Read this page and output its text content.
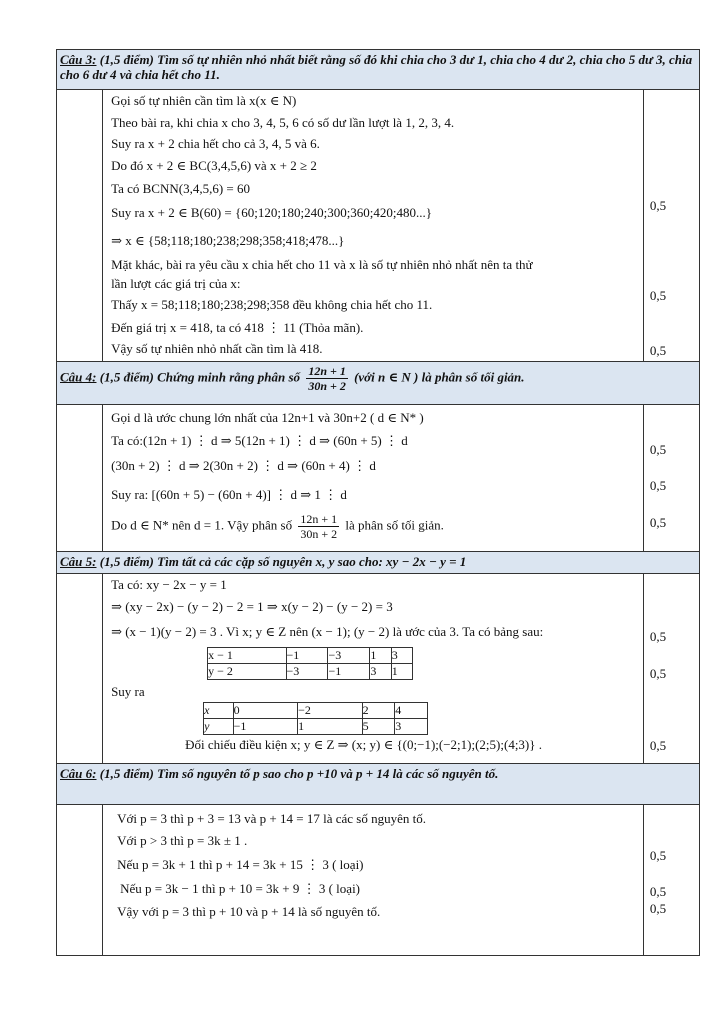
Câu 3: (1,5 điểm) Tìm số tự nhiên nhỏ nhất biết rằng số đó khi chia cho 3 dư 1, chia cho 4 dư 2, chia cho 5 dư 3, chia cho 6 dư 4 và chia hết cho 11.

Gọi số tự nhiên cần tìm là x(x ∈ N)
Theo bài ra, khi chia x cho 3, 4, 5, 6 có số dư lần lượt là 1, 2, 3, 4.
Suy ra x + 2 chia hết cho cả 3, 4, 5 và 6.
Do đó x + 2 ∈ BC(3,4,5,6) và x + 2 ≥ 2
Ta có BCNN(3,4,5,6) = 60
Suy ra x + 2 ∈ B(60) = {60;120;180;240;300;360;420;480...}
⇒ x ∈ {58;118;180;238;298;358;418;478...}
Mặt khác, bài ra yêu cầu x chia hết cho 11 và x là số tự nhiên nhỏ nhất nên ta thử
lần lượt các giá trị của x:
Thấy x = 58;118;180;238;298;358 đều không chia hết cho 11.
Đến giá trị x = 418, ta có 418 ⋮ 11 (Thỏa mãn).
Vậy số tự nhiên nhỏ nhất cần tìm là 418.

0,5
0,5
0,5

Câu 4: (1,5 điểm) Chứng minh rằng phân số $\frac{12n + 1}{30n + 2}$ (với n ∈ N ) là phân số tối giản.

Gọi d là ước chung lớn nhất của 12n+1 và 30n+2 ( d ∈ N* )
Ta có:(12n + 1) ⋮ d ⇒ 5(12n + 1) ⋮ d ⇒ (60n + 5) ⋮ d
(30n + 2) ⋮ d ⇒ 2(30n + 2) ⋮ d ⇒ (60n + 4) ⋮ d
Suy ra: [(60n + 5) − (60n + 4)] ⋮ d ⇒ 1 ⋮ d
Do d ∈ N* nên d = 1. Vậy phân số $\frac{12n + 1}{30n + 2}$ là phân số tối giản.

0,5
0,5
0,5

Câu 5: (1,5 điểm) Tìm tất cả các cặp số nguyên x, y sao cho: xy − 2x − y = 1

Ta có: xy − 2x − y = 1
⇒ (xy − 2x) − (y − 2) − 2 = 1 ⇒ x(y − 2) − (y − 2) = 3
⇒ (x − 1)(y − 2) = 3 . Vì x; y ∈ Z nên (x − 1); (y − 2) là ước của 3. Ta có bảng sau:
x − 1	−1	−3	1	3
y − 2	−3	−1	3	1
Suy ra
x	0	−2	2	4
y	−1	1	5	3
Đối chiếu điều kiện x; y ∈ Z ⇒ (x; y) ∈ {(0;−1);(−2;1);(2;5);(4;3)} .

0,5
0,5
0,5

Câu 6: (1,5 điểm) Tìm số nguyên tố p sao cho p +10 và p + 14 là các số nguyên tố.

Với p = 3 thì p + 3 = 13 và p + 14 = 17 là các số nguyên tố.
Với p > 3 thì p = 3k ± 1 .
Nếu p = 3k + 1 thì p + 14 = 3k + 15 ⋮ 3 ( loại)
Nếu p = 3k − 1 thì p + 10 = 3k + 9 ⋮ 3 ( loại)
Vậy với p = 3 thì p + 10 và p + 14 là số nguyên tố.

0,5
0,5
0,5
